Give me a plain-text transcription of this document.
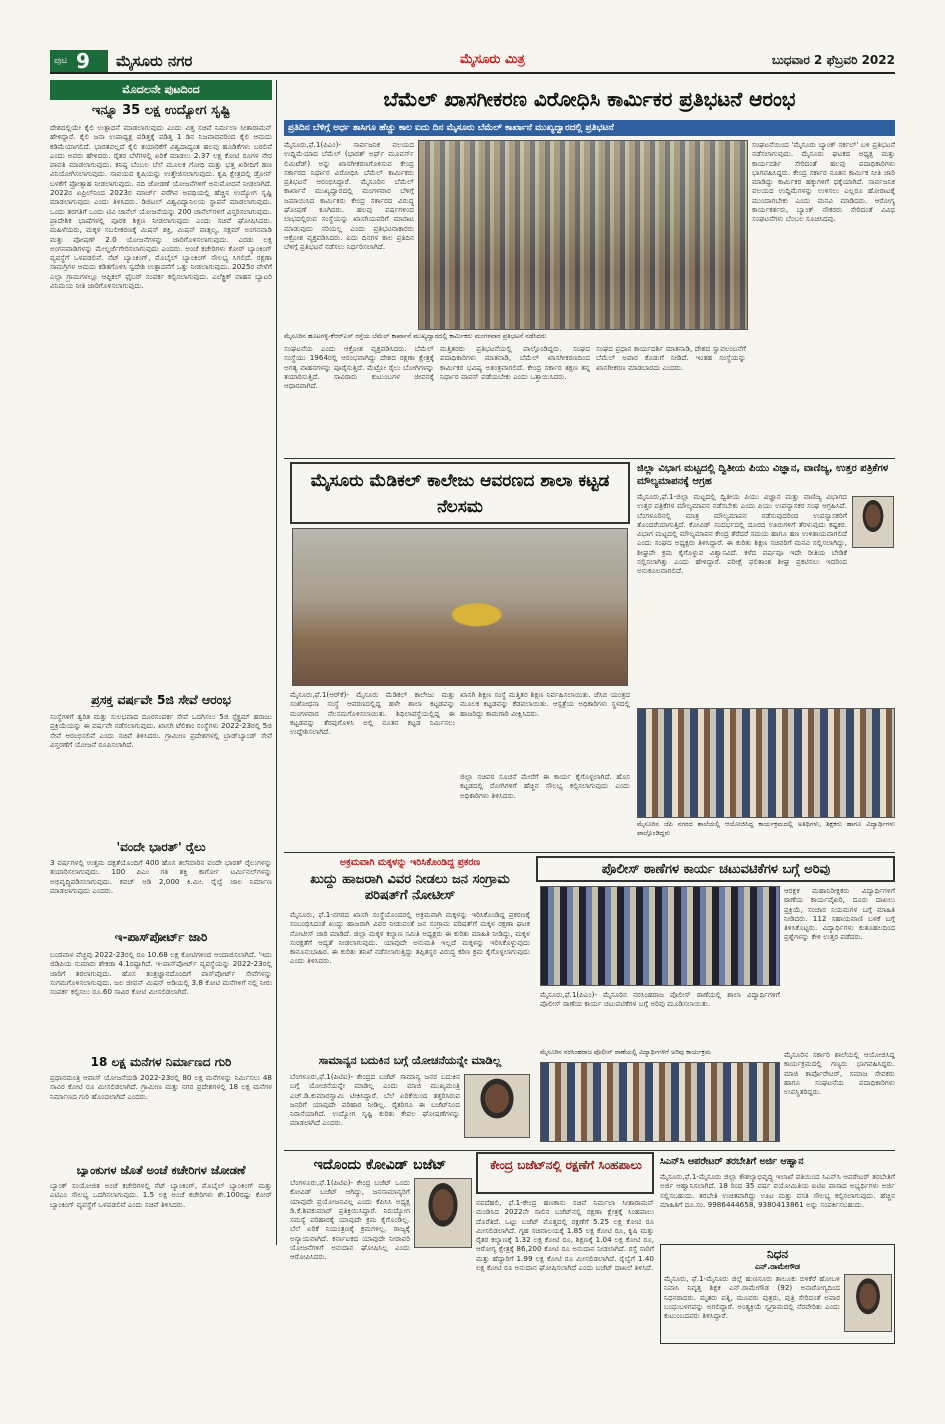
ಪುಟ 9 ಮೈಸೂರು ನಗರ	ಮೈಸೂರು ಮಿತ್ರ	ಬುಧವಾರ 2 ಫೆಬ್ರವರಿ 2022
ಮೊದಲನೇ ಪುಟದಿಂದ
ಇನ್ನೂ 35 ಲಕ್ಷ ಉದ್ಯೋಗ ಸೃಷ್ಟಿ
ದೇಶದಲ್ಲಿಯೇ ಕೈಲಿ ಉತ್ಪಾದನೆ ಮಾಡಲಾಗುವುದು ಎಂದು ವಿತ್ತ ಸಚಿವೆ ನಿರ್ಮಲಾ ಸೀತಾರಾಮನ್ ಹೇಳಿದ್ದಾರೆ. ಕೈಲಿ ಜನಾ ಉಪಾಧ್ಯಕ್ಷ ಪಡಿತ್ತಕ್ಕೆ ಪಡಿತ್ತ 1 ಡಿನ ನಿಜವಾದವರಿಂದ ಕೈಲಿ ಆಮದು ಕಡಿಮೆಯಾಗಲಿದೆ. ಭಾರತವಲ್ಲದೆ ಕೈಲಿ ತಯಾರಿಕೆಗೆ ವಿಶ್ವದಾದ್ಯಂತ ಹಲವು ಹೂಡಿಕೆಗಳು ಬರಲಿವೆ ಎಂದು ಅವರು ಹೇಳಿದರು. ರೈತರ ಬೆಳೆಗಳಲ್ಲಿ ಏರಿಕೆ ಮಾಡಲು 2.37 ಲಕ್ಷ ಕೋಟಿ ರೂಗಳ ನೇರ ಪಾವತಿ ಮಾಡಲಾಗುವುದು. ಕನಿಷ್ಠ ಬೆಂಬಲ ಬೆಲೆ ಮೂಲಕ ಗೋಧಿ ಮತ್ತು ಭತ್ತ ಖರೀದಿಗೆ ಹಣ ವಿನಿಯೋಗಿಸಲಾಗುವುದು. ಸಾವಯವ ಕೃಷಿಯನ್ನು ಉತ್ತೇಜಿಸಲಾಗುವುದು. ಕೃಷಿ ಕ್ಷೇತ್ರದಲ್ಲಿ ಡ್ರೋನ್ ಬಳಕೆಗೆ ಪ್ರೋತ್ಸಾಹ ನೀಡಲಾಗುವುದು. ನದಿ ಜೋಡಣೆ ಯೋಜನೆಗಳಿಗೆ ಅನುಮೋದನೆ ನೀಡಲಾಗಿದೆ. 2022ರ ಏಪ್ರಿಲ್‌ನಿಂದ 2023ರ ಮಾರ್ಚ್ ವರೆಗಿನ ಅವಧಿಯಲ್ಲಿ ಹೆಚ್ಚಿನ ಉದ್ಯೋಗ ಸೃಷ್ಟಿ ಮಾಡಲಾಗುವುದು ಎಂದು ತಿಳಿಸಿದರು. ಡಿಜಿಟಲ್ ವಿಶ್ವವಿದ್ಯಾನಿಲಯ ಸ್ಥಾಪನೆ ಮಾಡಲಾಗುವುದು. ಒಂದು ತರಗತಿಗೆ ಒಂದು ಟಿವಿ ಚಾನೆಲ್ ಯೋಜನೆಯನ್ನು 200 ಚಾನೆಲ್‌ಗಳಿಗೆ ವಿಸ್ತರಿಸಲಾಗುವುದು. ಪ್ರಾದೇಶಿಕ ಭಾಷೆಗಳಲ್ಲಿ ಪೂರಕ ಶಿಕ್ಷಣ ನೀಡಲಾಗುವುದು ಎಂದು ಸಚಿವೆ ಘೋಷಿಸಿದರು. ಮಹಿಳೆಯರು, ಮಕ್ಕಳ ಸಬಲೀಕರಣಕ್ಕೆ ಮಿಷನ್ ಶಕ್ತಿ, ಮಿಷನ್ ವಾತ್ಸಲ್ಯ, ಸಕ್ಷಮ್ ಅಂಗನವಾಡಿ ಮತ್ತು ಪೋಷಣ್ 2.0 ಯೋಜನೆಗಳನ್ನು ಜಾರಿಗೊಳಿಸಲಾಗುವುದು. ಎರಡು ಲಕ್ಷ ಅಂಗನವಾಡಿಗಳನ್ನು ಮೇಲ್ದರ್ಜೆಗೇರಿಸಲಾಗುವುದು ಎಂದರು. ಅಂಚೆ ಕಚೇರಿಗಳು ಕೋರ್ ಬ್ಯಾಂಕಿಂಗ್ ವ್ಯವಸ್ಥೆಗೆ ಒಳಪಡಲಿವೆ. ನೆಟ್ ಬ್ಯಾಂಕಿಂಗ್, ಮೊಬೈಲ್ ಬ್ಯಾಂಕಿಂಗ್ ಸೌಲಭ್ಯ ಸಿಗಲಿದೆ. ರಕ್ಷಣಾ ಸಾಮಗ್ರಿಗಳ ಆಮದು ಕಡಿತಗೊಳಿಸಿ ಸ್ವದೇಶಿ ಉತ್ಪಾದನೆಗೆ ಒತ್ತು ನೀಡಲಾಗುವುದು. 2025ರ ವೇಳೆಗೆ ಎಲ್ಲಾ ಗ್ರಾಮಗಳಲ್ಲೂ ಆಪ್ಟಿಕಲ್ ಫೈಬರ್ ಸಂಪರ್ಕ ಕಲ್ಪಿಸಲಾಗುವುದು. ಎಲೆಕ್ಟ್ರಿಕ್ ವಾಹನ ಬ್ಯಾಟರಿ ವಿನಿಮಯ ನೀತಿ ಜಾರಿಗೊಳಿಸಲಾಗುವುದು.
ಪ್ರಸಕ್ತ ವರ್ಷವೇ 5ಜಿ ಸೇವೆ ಆರಂಭ
ಸಂಸ್ಥೆಗಳಿಗೆ ತ್ವರಿತ ಮತ್ತು ಸುಲಭವಾದ ದೂರಸಂಪರ್ಕ ಸೇವೆ ಒದಗಿಸಲು 5ಜಿ ಸ್ಪೆಕ್ಟ್ರಮ್ ಹರಾಜು ಪ್ರಕ್ರಿಯೆಯನ್ನು ಈ ವರ್ಷವೇ ನಡೆಸಲಾಗುವುದು. ಖಾಸಗಿ ಟೆಲಿಕಾಂ ಸಂಸ್ಥೆಗಳು 2022-23ರಲ್ಲಿ 5ಜಿ ಸೇವೆ ಆರಂಭಿಸಲಿವೆ ಎಂದು ಸಚಿವೆ ತಿಳಿಸಿದರು. ಗ್ರಾಮೀಣ ಪ್ರದೇಶಗಳಲ್ಲಿ ಬ್ರಾಡ್‌ಬ್ಯಾಂಡ್ ಸೇವೆ ವಿಸ್ತರಣೆಗೆ ಯೋಜನೆ ರೂಪಿಸಲಾಗಿದೆ.
'ವಂದೇ ಭಾರತ್' ರೈಲು
3 ವರ್ಷಗಳಲ್ಲಿ ಉತ್ತಮ ದಕ್ಷತೆಯೊಂದಿಗೆ 400 ಹೊಸ ತಲೆಮಾರಿನ ವಂದೇ ಭಾರತ್ ರೈಲುಗಳನ್ನು ತಯಾರಿಸಲಾಗುವುದು. 100 ಪಿಎಂ ಗತಿ ಶಕ್ತಿ ಕಾರ್ಗೋ ಟರ್ಮಿನಲ್‌ಗಳನ್ನು ಅಭಿವೃದ್ಧಿಪಡಿಸಲಾಗುವುದು. ಕವಚ್ ಅಡಿ 2,000 ಕಿ.ಮೀ. ರೈಲ್ವೆ ಜಾಲ ನಿರ್ಮಾಣ ಮಾಡಲಾಗುವುದು ಎಂದರು.
ಇ-ಪಾಸ್‌ಪೋರ್ಟ್ ಜಾರಿ
ಬಂಡವಾಳ ವೆಚ್ಚವು 2022-23ರಲ್ಲಿ ರೂ 10.68 ಲಕ್ಷ ಕೋಟಿಗಳಿಂದ ಆಂದಾಜಿಸಲಾಗಿದೆ. 'ಇದು ಜಿಡಿಪಿಯ ಸುಮಾರು ಶೇಕಡಾ 4.1ರಷ್ಟಾಗಿದೆ. ಇ-ಪಾಸ್‌ಪೋರ್ಟ್ ವ್ಯವಸ್ಥೆಯನ್ನು 2022-23ರಲ್ಲಿ ಜಾರಿಗೆ ತರಲಾಗುವುದು. ಹೊಸ ತಂತ್ರಜ್ಞಾನದೊಂದಿಗೆ ಪಾಸ್‌ಪೋರ್ಟ್ ಸೇವೆಗಳನ್ನು ಸುಗಮಗೊಳಿಸಲಾಗುವುದು. ಜಲ ಜೀವನ್ ಮಿಷನ್ ಅಡಿಯಲ್ಲಿ 3.8 ಕೋಟಿ ಮನೆಗಳಿಗೆ ನಲ್ಲಿ ನೀರು ಸಂಪರ್ಕ ಕಲ್ಪಿಸಲು ರೂ.60 ಸಾವಿರ ಕೋಟಿ ಮೀಸಲಿಡಲಾಗಿದೆ.
18 ಲಕ್ಷ ಮನೆಗಳ ನಿರ್ಮಾಣದ ಗುರಿ
ಪ್ರಧಾನಮಂತ್ರಿ ಆವಾಸ್ ಯೋಜನೆಯಡಿ 2022-23ರಲ್ಲಿ 80 ಲಕ್ಷ ಮನೆಗಳನ್ನು ನಿರ್ಮಿಸಲು 48 ಸಾವಿರ ಕೋಟಿ ರೂ ಮೀಸಲಿಡಲಾಗಿದೆ. ಗ್ರಾಮೀಣ ಮತ್ತು ನಗರ ಪ್ರದೇಶಗಳಲ್ಲಿ 18 ಲಕ್ಷ ಮನೆಗಳ ನಿರ್ಮಾಣದ ಗುರಿ ಹೊಂದಲಾಗಿದೆ ಎಂದರು.
ಬ್ಯಾಂಕುಗಳ ಜೊತೆ ಅಂಚೆ ಕಚೇರಿಗಳ ಜೋಡಣೆ
ಬ್ಯಾಂಕ್ ಸಂಯೋಜಿತ ಅಂಚೆ ಕಚೇರಿಗಳಲ್ಲಿ ನೆಟ್ ಬ್ಯಾಂಕಿಂಗ್, ಮೊಬೈಲ್ ಬ್ಯಾಂಕಿಂಗ್ ಮತ್ತು ಎಟಿಎಂ ಸೌಲಭ್ಯ ಒದಗಿಸಲಾಗುವುದು. 1.5 ಲಕ್ಷ ಅಂಚೆ ಕಚೇರಿಗಳು ಶೇ.100ರಷ್ಟು ಕೋರ್ ಬ್ಯಾಂಕಿಂಗ್ ವ್ಯವಸ್ಥೆಗೆ ಒಳಪಡಲಿವೆ ಎಂದು ಸಚಿವೆ ತಿಳಿಸಿದರು.
ಬೆಮೆಲ್ ಖಾಸಗೀಕರಣ ವಿರೋಧಿಸಿ ಕಾರ್ಮಿಕರ ಪ್ರತಿಭಟನೆ ಆರಂಭ
ಪ್ರತಿದಿನ ಬೆಳಿಗ್ಗೆ ಅರ್ಧ ತಾಸಿಗೂ ಹೆಚ್ಚು ಕಾಲ ಐದು ದಿನ ಮೈಸೂರು ಬೆಮೆಲ್ ಕಾರ್ಖಾನೆ ಮುಖ್ಯದ್ವಾರದಲ್ಲಿ ಪ್ರತಿಭಟನೆ
ಮೈಸೂರು,ಫೆ.1(ಪಿಎಂ)- ಸಾರ್ವಜನಿಕ ವಲಯದ ಉದ್ದಿಮೆಯಾದ ಬೆಮೆಲ್ (ಭಾರತ್ ಅರ್ಥ್ ಮೂವರ್ಸ್ ಲಿಮಿಟೆಡ್) ಅನ್ನು ಖಾಸಗೀಕರಣಗೊಳಿಸುವ ಕೇಂದ್ರ ಸರ್ಕಾರದ ನಿರ್ಧಾರ ವಿರೋಧಿಸಿ ಬೆಮೆಲ್ ಕಾರ್ಮಿಕರು ಪ್ರತಿಭಟನೆ ಆರಂಭಿಸಿದ್ದಾರೆ. ಮೈಸೂರಿನ ಬೆಮೆಲ್ ಕಾರ್ಖಾನೆ ಮುಖ್ಯದ್ವಾರದಲ್ಲಿ ಮಂಗಳವಾರ ಬೆಳಿಗ್ಗೆ ಜಮಾಯಿಸಿದ ಕಾರ್ಮಿಕರು ಕೇಂದ್ರ ಸರ್ಕಾರದ ವಿರುದ್ಧ ಘೋಷಣೆ ಕೂಗಿದರು. ಹಲವು ವರ್ಷಗಳಿಂದ ಲಾಭದಲ್ಲಿರುವ ಸಂಸ್ಥೆಯನ್ನು ಖಾಸಗಿಯವರಿಗೆ ಮಾರಾಟ ಮಾಡುವುದು ಸರಿಯಲ್ಲ ಎಂದು ಪ್ರತಿಭಟನಾಕಾರರು ಆಕ್ರೋಶ ವ್ಯಕ್ತಪಡಿಸಿದರು. ಐದು ದಿನಗಳ ಕಾಲ ಪ್ರತಿದಿನ ಬೆಳಿಗ್ಗೆ ಪ್ರತಿಭಟನೆ ನಡೆಸಲು ನಿರ್ಧರಿಸಲಾಗಿದೆ.
ಮೈಸೂರಿನ ಹೂಟಗಳ್ಳಿ-ಕೆಆರ್‌ಎಸ್ ರಸ್ತೆಯ ಬೆಮೆಲ್ ಕಾರ್ಖಾನೆ ಮುಖ್ಯದ್ವಾರದಲ್ಲಿ ಕಾರ್ಮಿಕರು ಮಂಗಳವಾರ ಪ್ರತಿಭಟನೆ ನಡೆಸಿದರು
ಸಂಘಟನೆಯ ಎಂದು ಆಕ್ರೋಶ ವ್ಯಕ್ತಪಡಿಸಿದರು. ಬೆಮೆಲ್ ಸಂಸ್ಥೆಯು 1964ರಲ್ಲಿ ಆರಂಭವಾಗಿದ್ದು ದೇಶದ ರಕ್ಷಣಾ ಕ್ಷೇತ್ರಕ್ಕೆ ಅಗತ್ಯ ವಾಹನಗಳನ್ನು ಪೂರೈಸುತ್ತಿದೆ. ಮೆಟ್ರೋ ರೈಲು ಬೋಗಿಗಳನ್ನು ತಯಾರಿಸುತ್ತಿದೆ. ಸಾವಿರಾರು ಕುಟುಂಬಗಳ ಜೀವನಕ್ಕೆ ಆಧಾರವಾಗಿದೆ.
ಮತ್ತಿತರರು ಪ್ರತಿಭಟನೆಯಲ್ಲಿ ಪಾಲ್ಗೊಂಡಿದ್ದರು. ಸಂಘದ ಪದಾಧಿಕಾರಿಗಳು ಮಾತನಾಡಿ, ಬೆಮೆಲ್ ಖಾಸಗೀಕರಣದಿಂದ ಕಾರ್ಮಿಕರ ಭವಿಷ್ಯ ಅತಂತ್ರವಾಗಲಿದೆ. ಕೇಂದ್ರ ಸರ್ಕಾರ ತಕ್ಷಣ ತನ್ನ ನಿರ್ಧಾರ ವಾಪಸ್ ಪಡೆಯಬೇಕು ಎಂದು ಒತ್ತಾಯಿಸಿದರು.
ಸಂಘದ ಪ್ರಧಾನ ಕಾರ್ಯದರ್ಶಿ ಮಾತನಾಡಿ, ದೇಶದ ಸ್ವಾವಲಂಬನೆಗೆ ಬೆಮೆಲ್ ಅಪಾರ ಕೊಡುಗೆ ನೀಡಿದೆ. ಇಂತಹ ಸಂಸ್ಥೆಯನ್ನು ಖಾಸಗೀಕರಣ ಮಾಡಬಾರದು ಎಂದರು.
ಸಂಘಟನೆಯಿಂದ 'ಮೈಸೂರು ಬ್ಯಾಂಕ್ ಸರ್ಕಲ್' ಬಳಿ ಪ್ರತಿಭಟನೆ ನಡೆಸಲಾಗುವುದು. ಮೈಸೂರು ಘಟಕದ ಅಧ್ಯಕ್ಷ ಮತ್ತು ಕಾರ್ಯದರ್ಶಿ ಸೇರಿದಂತೆ ಹಲವು ಪದಾಧಿಕಾರಿಗಳು ಭಾಗವಹಿಸಿದ್ದರು. ಕೇಂದ್ರ ಸರ್ಕಾರ ನೂತನ ಕಾರ್ಮಿಕ ನೀತಿ ಜಾರಿ ಮಾಡಿದ್ದು ಕಾರ್ಮಿಕರ ಹಕ್ಕುಗಳಿಗೆ ಧಕ್ಕೆಯಾಗಿದೆ. ಸಾರ್ವಜನಿಕ ವಲಯದ ಉದ್ದಿಮೆಗಳನ್ನು ಉಳಿಸಲು ಎಲ್ಲರೂ ಹೋರಾಟಕ್ಕೆ ಮುಂದಾಗಬೇಕು ಎಂದು ಮನವಿ ಮಾಡಿದರು. ಆರೋಗ್ಯ ಕಾರ್ಯಕರ್ತರು, ಬ್ಯಾಂಕ್ ನೌಕರರು ಸೇರಿದಂತೆ ವಿವಿಧ ಸಂಘಟನೆಗಳು ಬೆಂಬಲ ಸೂಚಿಸಿದವು.
ಮೈಸೂರು ಮೆಡಿಕಲ್ ಕಾಲೇಜು ಆವರಣದ ಶಾಲಾ ಕಟ್ಟಡ ನೆಲಸಮ
ಮೈಸೂರು,ಫೆ.1(ಆರ್‌ಕೆ)- ಮೈಸೂರು ಮೆಡಿಕಲ್ ಕಾಲೇಜು ಮತ್ತು ಸಂಶೋಧನಾ ಸಂಸ್ಥೆ ಆವರಣದಲ್ಲಿದ್ದ ಹಳೇ ಶಾಲಾ ಕಟ್ಟಡವನ್ನು ಮಂಗಳವಾರ ನೆಲಸಮಗೊಳಿಸಲಾಯಿತು. ಶಿಥಿಲಾವಸ್ಥೆಯಲ್ಲಿದ್ದ ಈ ಕಟ್ಟಡವನ್ನು ತೆರವುಗೊಳಿಸಿ ಅಲ್ಲಿ ನೂತನ ಕಟ್ಟಡ ನಿರ್ಮಿಸಲು ಉದ್ದೇಶಿಸಲಾಗಿದೆ.
ಖಾಸಗಿ ಶಿಕ್ಷಣ ಸಂಸ್ಥೆ ಮತ್ತಿತರ ಶಿಕ್ಷಣ ನಿರ್ವಹಿಸಲಾಯಿತು. ಜೆಸಿಬಿ ಯಂತ್ರದ ಮೂಲಕ ಕಟ್ಟಡವನ್ನು ಕೆಡವಲಾಯಿತು. ಆಸ್ಪತ್ರೆಯ ಅಧಿಕಾರಿಗಳು ಸ್ಥಳದಲ್ಲಿ ಹಾಜರಿದ್ದು ಕಾಮಗಾರಿ ವೀಕ್ಷಿಸಿದರು.
ಜಿಲ್ಲಾ ಸಚಿವರ ಸೂಚನೆ ಮೇರೆಗೆ ಈ ಕಾರ್ಯ ಕೈಗೊಳ್ಳಲಾಗಿದೆ. ಹೊಸ ಕಟ್ಟಡದಲ್ಲಿ ರೋಗಿಗಳಿಗೆ ಹೆಚ್ಚಿನ ಸೌಲಭ್ಯ ಕಲ್ಪಿಸಲಾಗುವುದು ಎಂದು ಅಧಿಕಾರಿಗಳು ತಿಳಿಸಿದರು.
ಜಿಲ್ಲಾ ವಿಭಾಗ ಮಟ್ಟದಲ್ಲಿ ದ್ವಿತೀಯ ಪಿಯು ವಿಜ್ಞಾನ, ವಾಣಿಜ್ಯ, ಉತ್ತರ ಪತ್ರಿಕೆಗಳ ಮೌಲ್ಯಮಾಪನಕ್ಕೆ ಆಗ್ರಹ
ಮೈಸೂರು,ಫೆ.1-ಜಿಲ್ಲಾ ಮಟ್ಟದಲ್ಲಿ ದ್ವಿತೀಯ ಪಿಯು ವಿಜ್ಞಾನ ಮತ್ತು ವಾಣಿಜ್ಯ ವಿಭಾಗದ ಉತ್ತರ ಪತ್ರಿಕೆಗಳ ಮೌಲ್ಯಮಾಪನ ನಡೆಸಬೇಕು ಎಂದು ಪಿಯು ಉಪನ್ಯಾಸಕರ ಸಂಘ ಆಗ್ರಹಿಸಿದೆ. ಬೆಂಗಳೂರಿನಲ್ಲಿ ಮಾತ್ರ ಮೌಲ್ಯಮಾಪನ ನಡೆಸುವುದರಿಂದ ಉಪನ್ಯಾಸಕರಿಗೆ ತೊಂದರೆಯಾಗುತ್ತಿದೆ. ಕೋವಿಡ್ ಸಂದರ್ಭದಲ್ಲಿ ದೂರದ ಊರುಗಳಿಗೆ ತೆರಳುವುದು ಕಷ್ಟಕರ. ವಿಭಾಗ ಮಟ್ಟದಲ್ಲಿ ಮೌಲ್ಯಮಾಪನ ಕೇಂದ್ರ ತೆರೆದರೆ ಸಮಯ ಹಾಗೂ ಹಣ ಉಳಿತಾಯವಾಗಲಿದೆ ಎಂದು ಸಂಘದ ಅಧ್ಯಕ್ಷರು ತಿಳಿಸಿದ್ದಾರೆ. ಈ ಕುರಿತು ಶಿಕ್ಷಣ ಸಚಿವರಿಗೆ ಮನವಿ ಸಲ್ಲಿಸಲಾಗಿದ್ದು, ಶೀಘ್ರವೇ ಕ್ರಮ ಕೈಗೊಳ್ಳುವ ವಿಶ್ವಾಸವಿದೆ. ಕಳೆದ ವರ್ಷವೂ ಇದೇ ರೀತಿಯ ಬೇಡಿಕೆ ಸಲ್ಲಿಸಲಾಗಿತ್ತು ಎಂದು ಹೇಳಿದ್ದಾರೆ. ಪರೀಕ್ಷೆ ಫಲಿತಾಂಶ ಶೀಘ್ರ ಪ್ರಕಟಿಸಲು ಇದರಿಂದ ಅನುಕೂಲವಾಗಲಿದೆ.
ಮೈಸೂರಿನ ಜೆಪಿ ನಗರದ ಶಾಲೆಯಲ್ಲಿ ಆಯೋಜಿಸಿದ್ದ ಕಾರ್ಯಕ್ರಮದಲ್ಲಿ ಅತಿಥಿಗಳು, ಶಿಕ್ಷಕರು ಹಾಗೂ ವಿದ್ಯಾರ್ಥಿಗಳು ಪಾಲ್ಗೊಂಡಿದ್ದರು
ಅಕ್ರಮವಾಗಿ ಮಕ್ಕಳನ್ನು ಇರಿಸಿಕೊಂಡಿದ್ದ ಪ್ರಕರಣ
ಖುದ್ದು ಹಾಜರಾಗಿ ವಿವರ ನೀಡಲು ಜನ ಸಂಗ್ರಾಮ ಪರಿಷತ್‌ಗೆ ನೋಟೀಸ್
ಮೈಸೂರು, ಫೆ.1-ನಗರದ ಖಾಸಗಿ ಸಂಸ್ಥೆಯೊಂದರಲ್ಲಿ ಅಕ್ರಮವಾಗಿ ಮಕ್ಕಳನ್ನು ಇರಿಸಿಕೊಂಡಿದ್ದ ಪ್ರಕರಣಕ್ಕೆ ಸಂಬಂಧಿಸಿದಂತೆ ಖುದ್ದು ಹಾಜರಾಗಿ ವಿವರ ನೀಡುವಂತೆ ಜನ ಸಂಗ್ರಾಮ ಪರಿಷತ್‌ಗೆ ಮಕ್ಕಳ ರಕ್ಷಣಾ ಘಟಕ ನೋಟೀಸ್ ಜಾರಿ ಮಾಡಿದೆ. ಜಿಲ್ಲಾ ಮಕ್ಕಳ ಕಲ್ಯಾಣ ಸಮಿತಿ ಅಧ್ಯಕ್ಷರು ಈ ಕುರಿತು ಮಾಹಿತಿ ನೀಡಿದ್ದು, ಮಕ್ಕಳ ಸುರಕ್ಷತೆಗೆ ಆದ್ಯತೆ ನೀಡಲಾಗುವುದು. ಯಾವುದೇ ಅನುಮತಿ ಇಲ್ಲದೆ ಮಕ್ಕಳನ್ನು ಇರಿಸಿಕೊಳ್ಳುವುದು ಕಾನೂನುಬಾಹಿರ. ಈ ಕುರಿತು ತನಿಖೆ ನಡೆಸಲಾಗುತ್ತಿದ್ದು ತಪ್ಪಿತಸ್ಥರ ವಿರುದ್ಧ ಕಠಿಣ ಕ್ರಮ ಕೈಗೊಳ್ಳಲಾಗುವುದು ಎಂದು ತಿಳಿಸಿದರು.
ಸಾಮಾನ್ಯನ ಬದುಕಿನ ಬಗ್ಗೆ ಯೋಚನೆಯನ್ನೇ ಮಾಡಿಲ್ಲ
ಬೆಂಗಳೂರು,ಫೆ.1(ಪಿಟಿಐ)- ಕೇಂದ್ರದ ಬಜೆಟ್ ಸಾಮಾನ್ಯ ಜನರ ಬದುಕಿನ ಬಗ್ಗೆ ಯೋಚನೆಯನ್ನೇ ಮಾಡಿಲ್ಲ ಎಂದು ಮಾಜಿ ಮುಖ್ಯಮಂತ್ರಿ ಎಚ್.ಡಿ.ಕುಮಾರಸ್ವಾಮಿ ಟೀಕಿಸಿದ್ದಾರೆ. ಬೆಲೆ ಏರಿಕೆಯಿಂದ ತತ್ತರಿಸಿರುವ ಜನರಿಗೆ ಯಾವುದೇ ಪರಿಹಾರ ನೀಡಿಲ್ಲ. ರೈತರಿಗೂ ಈ ಬಜೆಟ್‌ನಿಂದ ನಿರಾಸೆಯಾಗಿದೆ. ಉದ್ಯೋಗ ಸೃಷ್ಟಿ ಕುರಿತು ಕೇವಲ ಘೋಷಣೆಗಳನ್ನು ಮಾಡಲಾಗಿದೆ ಎಂದರು.
ಪೊಲೀಸ್ ಠಾಣೆಗಳ ಕಾರ್ಯ ಚಟುವಟಿಕೆಗಳ ಬಗ್ಗೆ ಅರಿವು
ಆರಕ್ಷಕ ಮಹಾನಿರೀಕ್ಷಕರು ವಿದ್ಯಾರ್ಥಿಗಳಿಗೆ ಠಾಣೆಯ ಕಾರ್ಯವೈಖರಿ, ದೂರು ದಾಖಲು ಪ್ರಕ್ರಿಯೆ, ಸಂಚಾರ ನಿಯಮಗಳ ಬಗ್ಗೆ ಮಾಹಿತಿ ನೀಡಿದರು. 112 ಸಹಾಯವಾಣಿ ಬಳಕೆ ಬಗ್ಗೆ ತಿಳಿಸಿಕೊಟ್ಟರು. ವಿದ್ಯಾರ್ಥಿಗಳು ಕುತೂಹಲದಿಂದ ಪ್ರಶ್ನೆಗಳನ್ನು ಕೇಳಿ ಉತ್ತರ ಪಡೆದರು.
ಮೈಸೂರು,ಫೆ.1(ಪಿಎಂ)- ಮೈಸೂರಿನ ನರಸಿಂಹರಾಜ ಪೊಲೀಸ್ ಠಾಣೆಯಲ್ಲಿ ಶಾಲಾ ವಿದ್ಯಾರ್ಥಿಗಳಿಗೆ ಪೊಲೀಸ್ ಠಾಣೆಯ ಕಾರ್ಯ ಚಟುವಟಿಕೆಗಳ ಬಗ್ಗೆ ಅರಿವು ಮೂಡಿಸಲಾಯಿತು.
ಮೈಸೂರಿನ ನರಸಿಂಹರಾಜ ಪೊಲೀಸ್ ಠಾಣೆಯಲ್ಲಿ ವಿದ್ಯಾರ್ಥಿಗಳಿಗೆ ಅರಿವು ಕಾರ್ಯಕ್ರಮ	ಮೈಸೂರಿನ ಸರ್ಕಾರಿ ಶಾಲೆಯಲ್ಲಿ ಆಯೋಜಿಸಿದ್ದ ಕಾರ್ಯಕ್ರಮದಲ್ಲಿ ಗಣ್ಯರು ಭಾಗವಹಿಸಿದ್ದರು. ಮಾಜಿ ಕಾರ್ಪೊರೇಟರ್, ಸಮಾಜ ಸೇವಕರು ಹಾಗೂ ಸಂಘಟನೆಯ ಪದಾಧಿಕಾರಿಗಳು ಉಪಸ್ಥಿತರಿದ್ದರು.
ಇದೊಂದು ಕೋವಿಡ್ ಬಜೆಟ್
ಬೆಂಗಳೂರು,ಫೆ.1(ಪಿಟಿಐ)- ಕೇಂದ್ರ ಬಜೆಟ್ ಒಂದು ಕೋವಿಡ್ ಬಜೆಟ್ ಆಗಿದ್ದು, ಜನಸಾಮಾನ್ಯರಿಗೆ ಯಾವುದೇ ಪ್ರಯೋಜನವಿಲ್ಲ ಎಂದು ಕೆಪಿಸಿಸಿ ಅಧ್ಯಕ್ಷ ಡಿ.ಕೆ.ಶಿವಕುಮಾರ್ ಪ್ರತಿಕ್ರಿಯಿಸಿದ್ದಾರೆ. ನಿರುದ್ಯೋಗ ಸಮಸ್ಯೆ ಪರಿಹಾರಕ್ಕೆ ಯಾವುದೇ ಕ್ರಮ ಕೈಗೊಂಡಿಲ್ಲ. ಬೆಲೆ ಏರಿಕೆ ನಿಯಂತ್ರಣಕ್ಕೆ ಕ್ರಮಗಳಿಲ್ಲ. ರಾಜ್ಯಕ್ಕೆ ಅನ್ಯಾಯವಾಗಿದೆ. ಕರ್ನಾಟಕದ ಯಾವುದೇ ನೀರಾವರಿ ಯೋಜನೆಗಳಿಗೆ ಅನುದಾನ ಘೋಷಿಸಿಲ್ಲ ಎಂದು ಆರೋಪಿಸಿದರು.
ಕೇಂದ್ರ ಬಜೆಟ್‌ನಲ್ಲಿ ರಕ್ಷಣೆಗೆ ಸಿಂಹಪಾಲು
ನವದೆಹಲಿ, ಫೆ.1-ಕೇಂದ್ರ ಹಣಕಾಸು ಸಚಿವೆ ನಿರ್ಮಲಾ ಸೀತಾರಾಮನ್ ಮಂಡಿಸಿದ 2022ನೇ ಸಾಲಿನ ಬಜೆಟ್‌ನಲ್ಲಿ ರಕ್ಷಣಾ ಕ್ಷೇತ್ರಕ್ಕೆ ಸಿಂಹಪಾಲು ದೊರೆತಿದೆ. ಒಟ್ಟು ಬಜೆಟ್ ಮೊತ್ತದಲ್ಲಿ ರಕ್ಷಣೆಗೆ 5.25 ಲಕ್ಷ ಕೋಟಿ ರೂ ಮೀಸಲಿಡಲಾಗಿದೆ. ಗೃಹ ಸಚಿವಾಲಯಕ್ಕೆ 1.85 ಲಕ್ಷ ಕೋಟಿ ರೂ, ಕೃಷಿ ಮತ್ತು ರೈತರ ಕಲ್ಯಾಣಕ್ಕೆ 1.32 ಲಕ್ಷ ಕೋಟಿ ರೂ, ಶಿಕ್ಷಣಕ್ಕೆ 1.04 ಲಕ್ಷ ಕೋಟಿ ರೂ, ಆರೋಗ್ಯ ಕ್ಷೇತ್ರಕ್ಕೆ 86,200 ಕೋಟಿ ರೂ ಅನುದಾನ ನೀಡಲಾಗಿದೆ. ರಸ್ತೆ ಸಾರಿಗೆ ಮತ್ತು ಹೆದ್ದಾರಿಗೆ 1.99 ಲಕ್ಷ ಕೋಟಿ ರೂ ಮೀಸಲಿಡಲಾಗಿದೆ. ರೈಲ್ವೆಗೆ 1.40 ಲಕ್ಷ ಕೋಟಿ ರೂ ಅನುದಾನ ಘೋಷಿಸಲಾಗಿದೆ ಎಂದು ಬಜೆಟ್ ದಾಖಲೆ ತಿಳಿಸಿದೆ.
ಸಿಎನ್‌ಸಿ ಆಪರೇಟರ್ ತರಬೇತಿಗೆ ಅರ್ಜಿ ಆಹ್ವಾನ
ಮೈಸೂರು,ಫೆ.1-ಮೈಸೂರು ಜಿಲ್ಲಾ ಕೌಶಲ್ಯಾಭಿವೃದ್ಧಿ ಇಲಾಖೆ ವತಿಯಿಂದ ಸಿಎನ್‌ಸಿ ಆಪರೇಟರ್ ತರಬೇತಿಗೆ ಅರ್ಜಿ ಆಹ್ವಾನಿಸಲಾಗಿದೆ. 18 ರಿಂದ 35 ವರ್ಷ ವಯೋಮಿತಿಯ ಐಟಿಐ ಪಾಸಾದ ಅಭ್ಯರ್ಥಿಗಳು ಅರ್ಜಿ ಸಲ್ಲಿಸಬಹುದು. ತರಬೇತಿ ಉಚಿತವಾಗಿದ್ದು ಊಟ ಮತ್ತು ವಸತಿ ಸೌಲಭ್ಯ ಕಲ್ಪಿಸಲಾಗುವುದು. ಹೆಚ್ಚಿನ ಮಾಹಿತಿಗೆ ದೂ.ಸಂ. 9986444658, 9380413861 ಅನ್ನು ಸಂಪರ್ಕಿಸಬಹುದು.
ನಿಧನ
ಎನ್.ರಾಮೇಗೌಡ
ಮೈಸೂರು, ಫೆ.1-ಮೈಸೂರು ಜಿಲ್ಲೆ ಹುಣಸೂರು ತಾಲೂಕು ಬಿಳಿಕೆರೆ ಹೋಬಳಿ ನಿವಾಸಿ ನಿವೃತ್ತ ಶಿಕ್ಷಕ ಎನ್.ರಾಮೇಗೌಡ (92) ಅನಾರೋಗ್ಯದಿಂದ ನಿಧನರಾದರು. ಮೃತರು ಪತ್ನಿ, ಮೂವರು ಪುತ್ರರು, ಪುತ್ರಿ ಸೇರಿದಂತೆ ಅಪಾರ ಬಂಧುಬಳಗವನ್ನು ಅಗಲಿದ್ದಾರೆ. ಅಂತ್ಯಕ್ರಿಯೆ ಸ್ವಗ್ರಾಮದಲ್ಲಿ ನೆರವೇರಿತು ಎಂದು ಕುಟುಂಬದವರು ತಿಳಿಸಿದ್ದಾರೆ.
